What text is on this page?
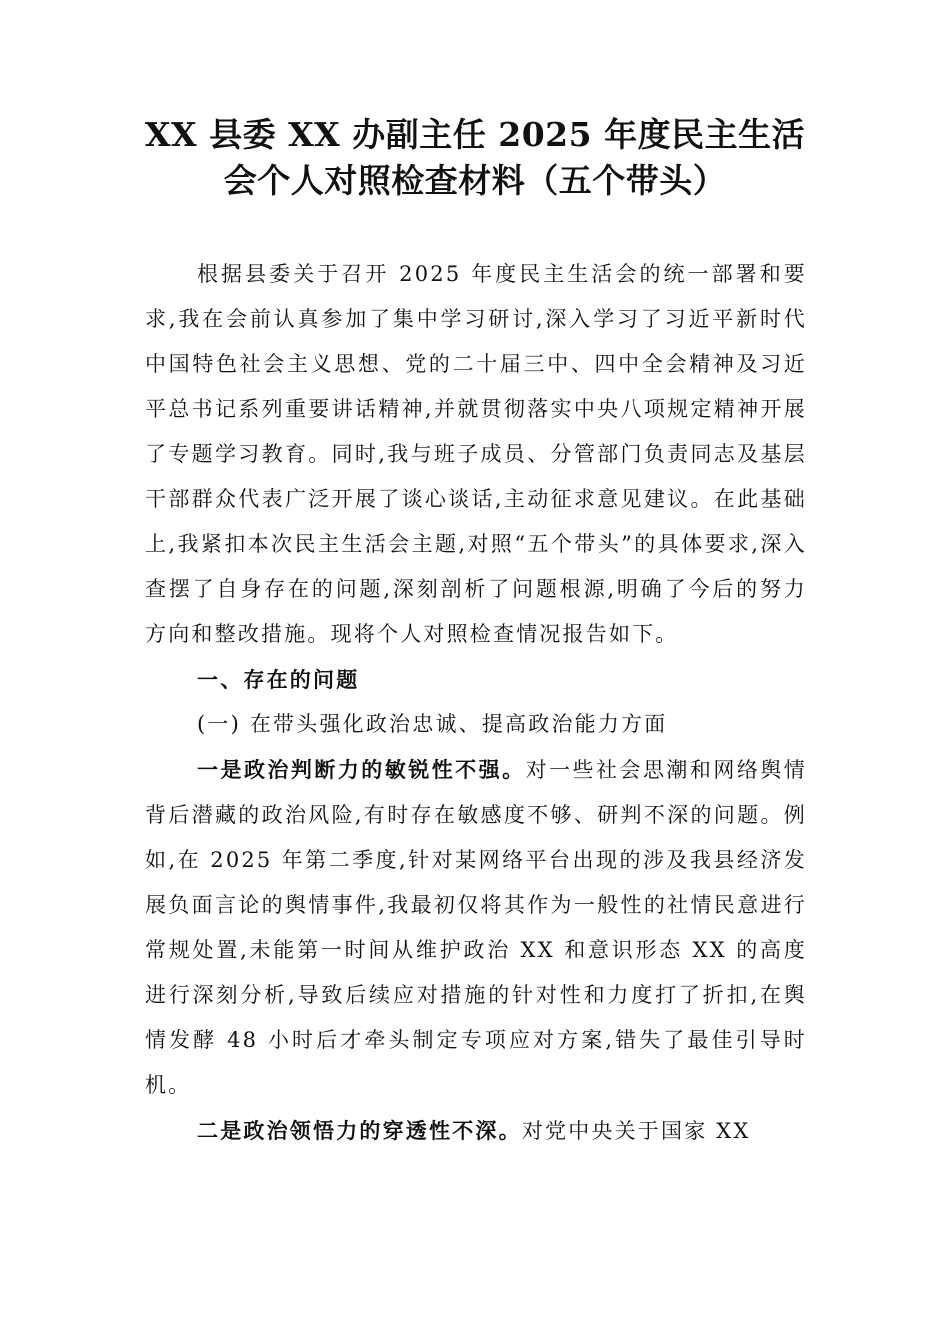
XX 县委 XX 办副主任 2025 年度民主生活
会个人对照检查材料（五个带头）

根据县委关于召开 2025 年度民主生活会的统一部署和要求,我在会前认真参加了集中学习研讨,深入学习了习近平新时代中国特色社会主义思想、党的二十届三中、四中全会精神及习近平总书记系列重要讲话精神,并就贯彻落实中央八项规定精神开展了专题学习教育。同时,我与班子成员、分管部门负责同志及基层干部群众代表广泛开展了谈心谈话,主动征求意见建议。在此基础上,我紧扣本次民主生活会主题,对照“五个带头”的具体要求,深入查摆了自身存在的问题,深刻剖析了问题根源,明确了今后的努力方向和整改措施。现将个人对照检查情况报告如下。

一、存在的问题

(一) 在带头强化政治忠诚、提高政治能力方面

一是政治判断力的敏锐性不强。对一些社会思潮和网络舆情背后潜藏的政治风险,有时存在敏感度不够、研判不深的问题。例如,在 2025 年第二季度,针对某网络平台出现的涉及我县经济发展负面言论的舆情事件,我最初仅将其作为一般性的社情民意进行常规处置,未能第一时间从维护政治 XX 和意识形态 XX 的高度进行深刻分析,导致后续应对措施的针对性和力度打了折扣,在舆情发酵 48 小时后才牵头制定专项应对方案,错失了最佳引导时机。

二是政治领悟力的穿透性不深。对党中央关于国家 XX
